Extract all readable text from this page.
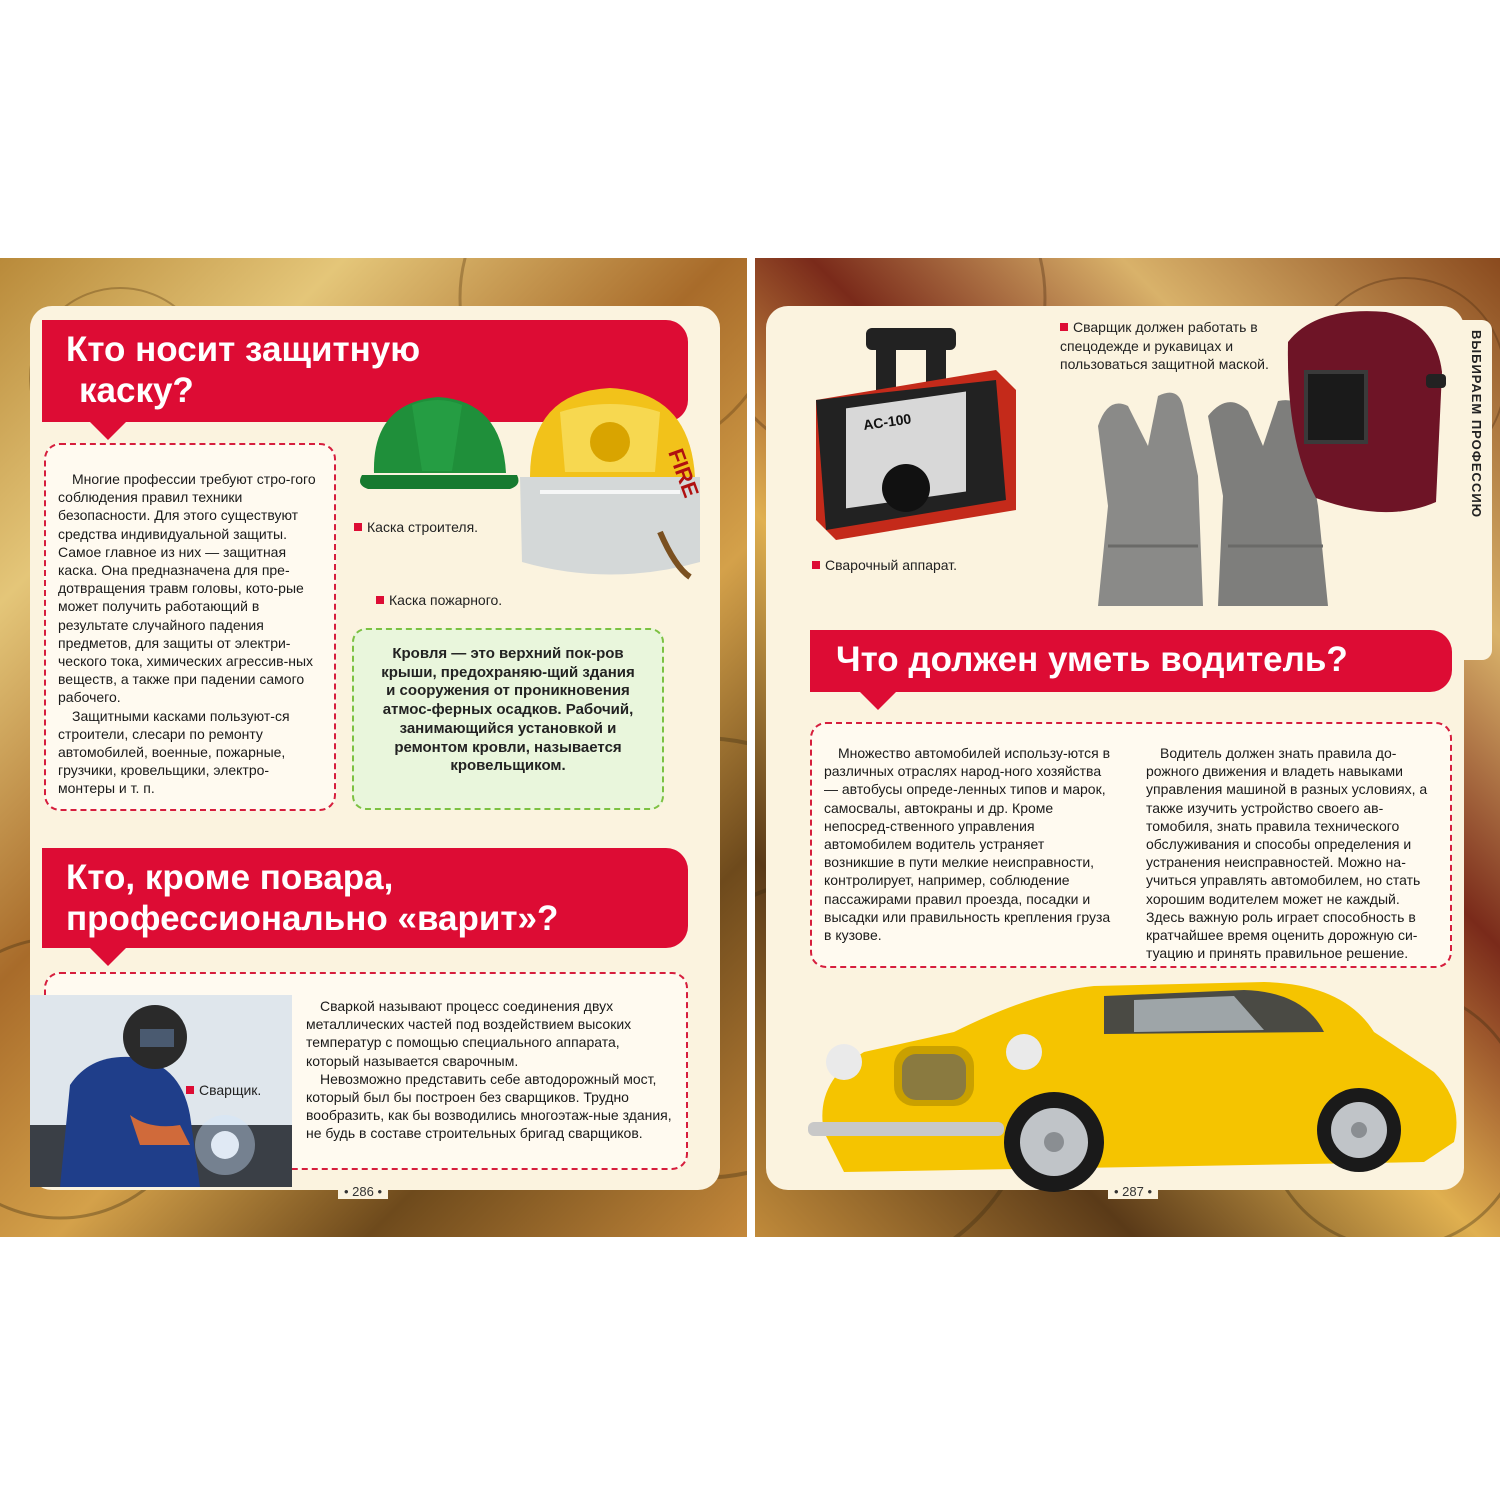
Кто носит защитную
каску?

Многие профессии требуют стро-гого соблюдения правил техники безопасности. Для этого существуют средства индивидуальной защиты. Самое главное из них — защитная каска. Она предназначена для пре-дотвращения травм головы, кото-рые может получить работающий в результате случайного падения предметов, для защиты от электри-ческого тока, химических агрессив-ных веществ, а также при падении самого рабочего.

Защитными касками пользуют-ся строители, слесари по ремонту автомобилей, военные, пожарные, грузчики, кровельщики, электро-монтеры и т. п.

Каска строителя.
FIRE
Каска пожарного.
Кровля — это верхний пок-ров крыши, предохраняю-щий здания и сооружения от проникновения атмос-ферных осадков. Рабочий, занимающийся установкой и ремонтом кровли, называется кровельщиком.
Кто, кроме повара,
профессионально «варит»?
Сварщик.

Сваркой называют процесс соединения двух металлических частей под воздействием высоких температур с помощью специального аппарата, который называется сварочным.

Невозможно представить себе автодорожный мост, который был бы построен без сварщиков. Трудно вообразить, как бы возводились многоэтаж-ные здания, не будь в составе строительных бригад сварщиков.

• 286 •
ВЫБИРАЕМ ПРОФЕССИЮ
AC-100
Сварочный аппарат.
Сварщик должен работать в спецодежде и рукавицах и пользоваться защитной маской.
Что должен уметь водитель?

Множество автомобилей использу-ются в различных отраслях народ-ного хозяйства — автобусы опреде-ленных типов и марок, самосвалы, автокраны и др. Кроме непосред-ственного управления автомобилем водитель устраняет возникшие в пути мелкие неисправности, контролирует, например, соблюдение пассажирами правил проезда, посадки и высадки или правильность крепления груза в кузове.

Водитель должен знать правила до-рожного движения и владеть навыками управления машиной в разных условиях, а также изучить устройство своего ав-томобиля, знать правила технического обслуживания и способы определения и устранения неисправностей. Можно на-учиться управлять автомобилем, но стать хорошим водителем может не каждый. Здесь важную роль играет способность в кратчайшее время оценить дорожную си-туацию и принять правильное решение.

• 287 •
